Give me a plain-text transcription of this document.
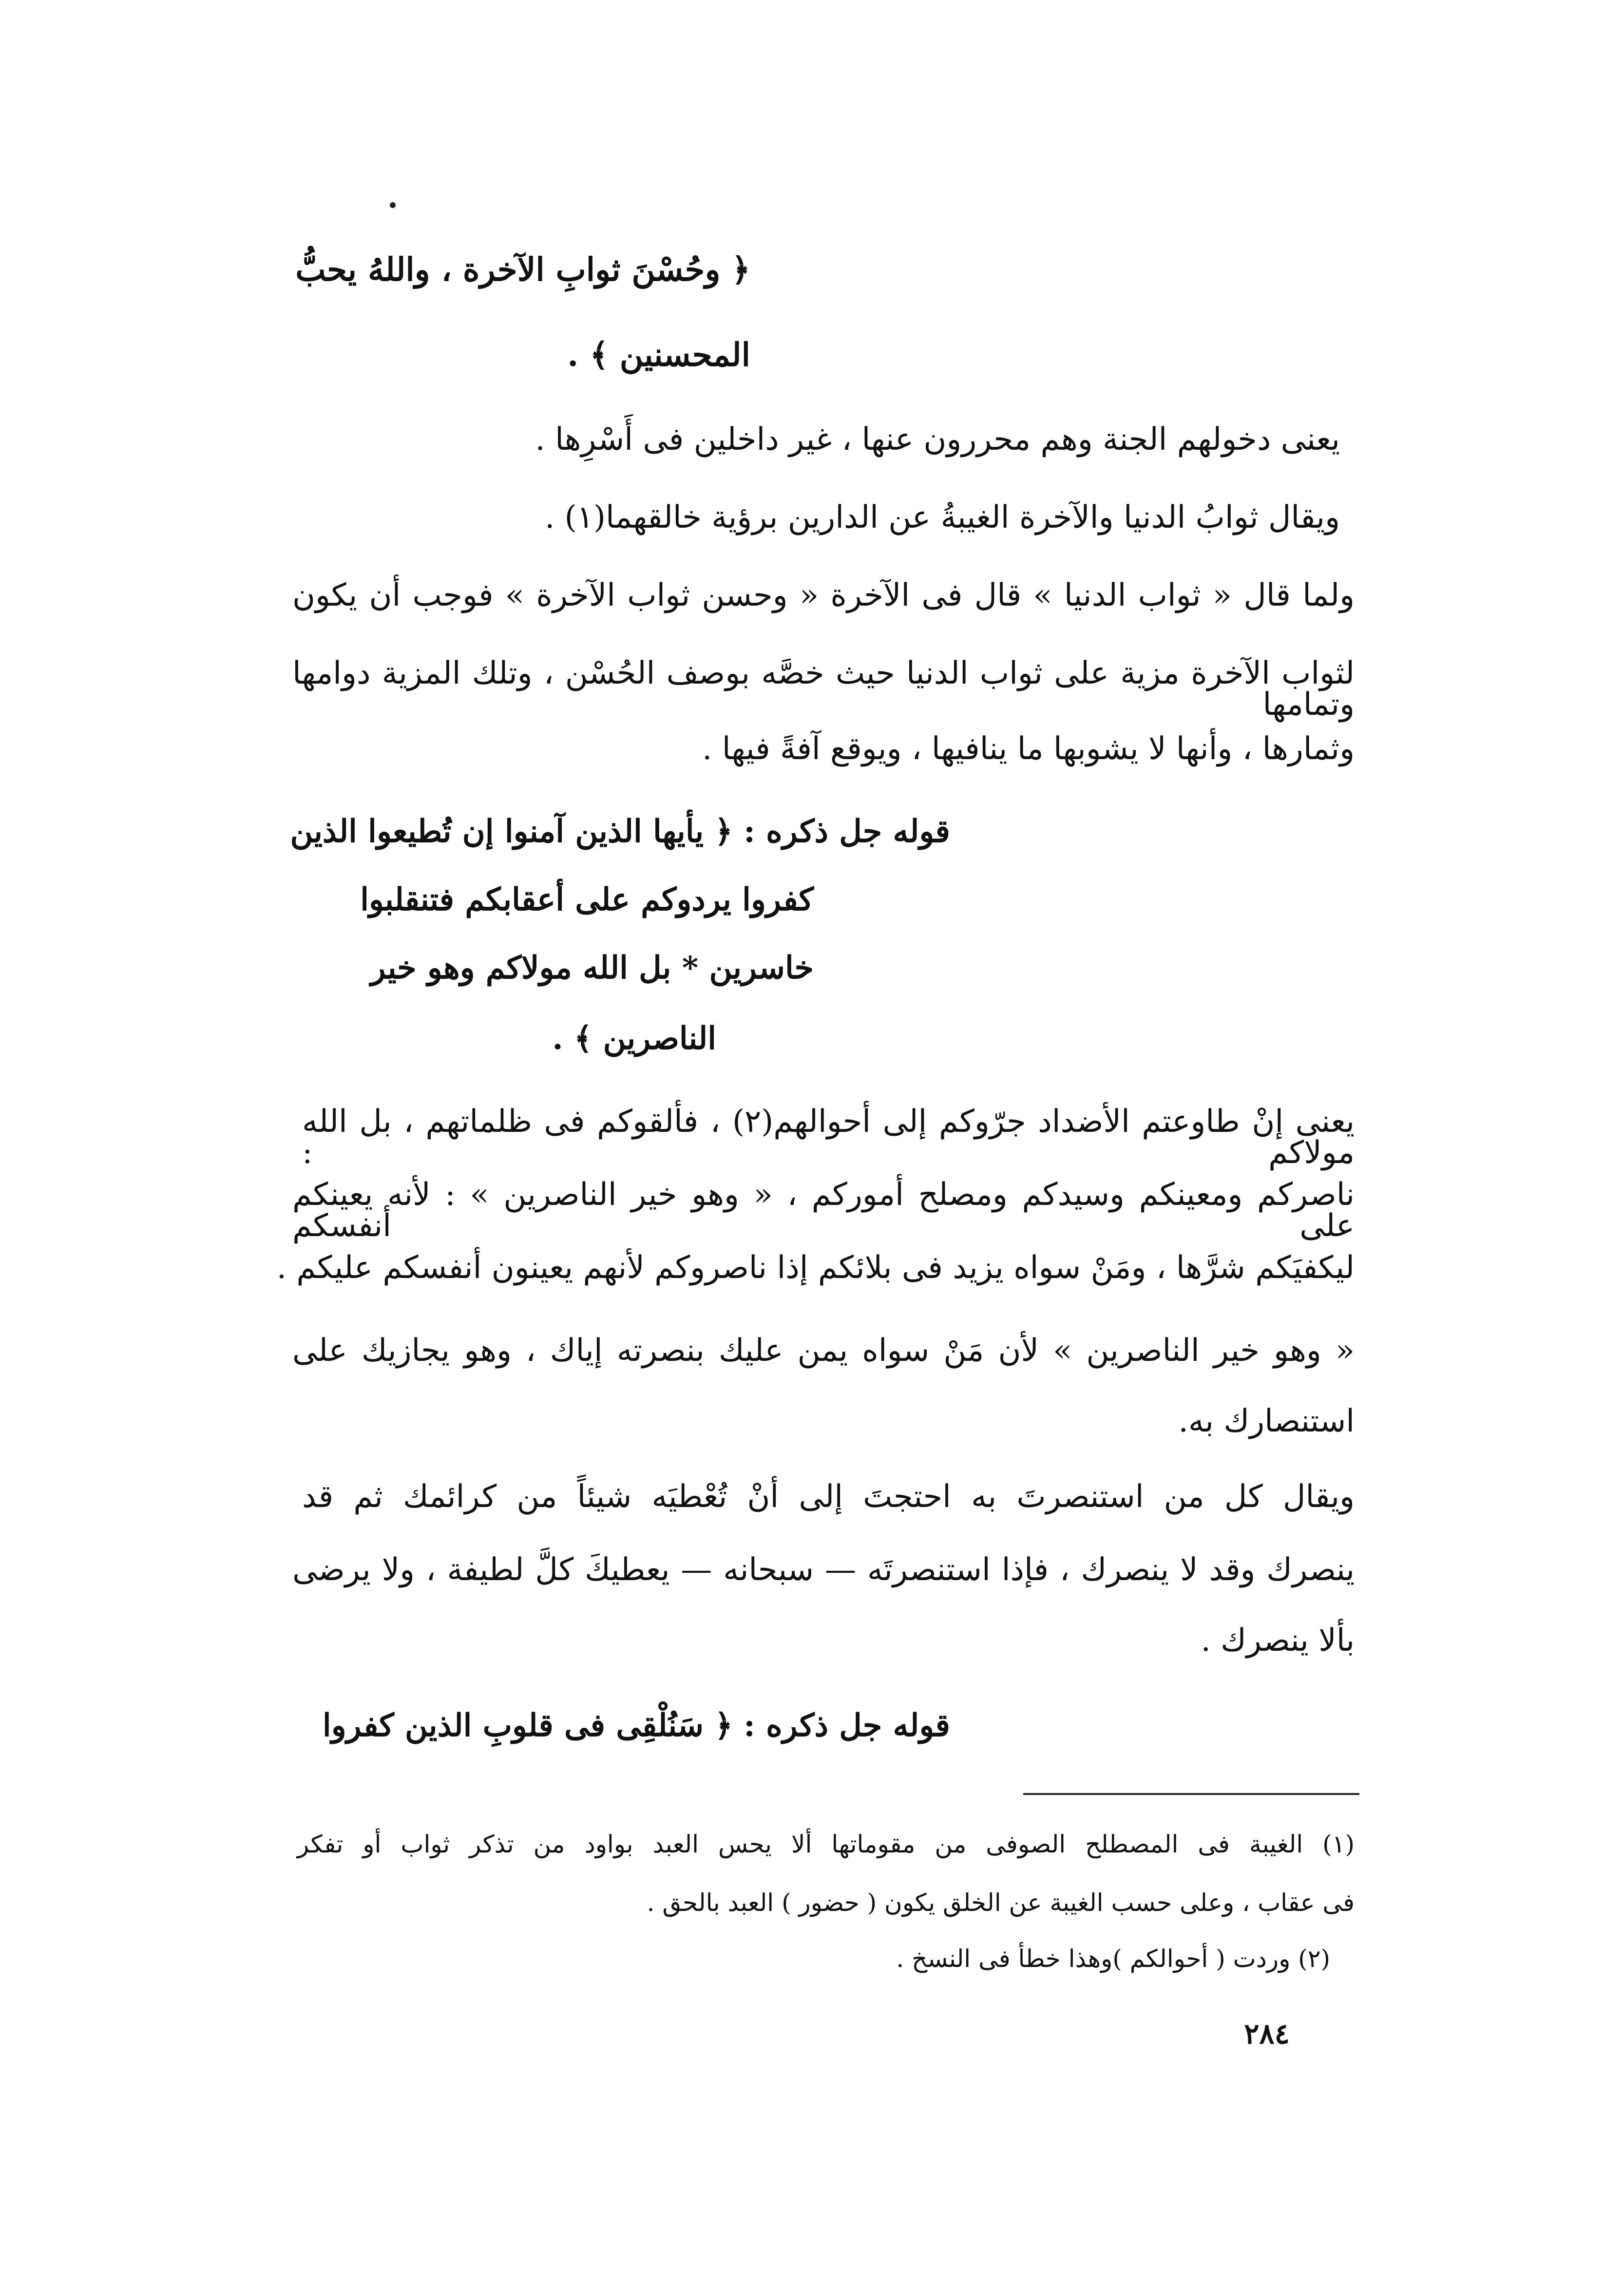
﴿ وحُسْنَ ثوابِ الآخرة ، واللهُ يحبُّ
المحسنين ﴾ .
يعنى دخولهم الجنة وهم محررون عنها ، غير داخلين فى أَسْرِها .
ويقال ثوابُ الدنيا والآخرة الغيبةُ عن الدارين برؤية خالقهما(١) .
ولما قال « ثواب الدنيا » قال فى الآخرة « وحسن ثواب الآخرة » فوجب أن يكون
لثواب الآخرة مزية على ثواب الدنيا حيث خصَّه بوصف الحُسْن ، وتلك المزية دوامها وتمامها
وثمارها ، وأنها لا يشوبها ما ينافيها ، ويوقع آفةً فيها .
قوله جل ذكره : ﴿ يأيها الذين آمنوا إن تُطيعوا الذين
كفروا يردوكم على أعقابكم فتنقلبوا
خاسرين * بل الله مولاكم وهو خير
الناصرين ﴾ .
يعنى إنْ طاوعتم الأضداد جرّوكم إلى أحوالهم(٢) ، فألقوكم فى ظلماتهم ، بل الله مولاكم :
ناصركم ومعينكم وسيدكم ومصلح أموركم ، « وهو خير الناصرين » : لأنه يعينكم على أنفسكم
ليكفيَكم شرَّها ، ومَنْ سواه يزيد فى بلائكم إذا ناصروكم لأنهم يعينون أنفسكم عليكم .
« وهو خير الناصرين » لأن مَنْ سواه يمن عليك بنصرته إياك ، وهو يجازيك على
استنصارك به.
ويقال كل من استنصرتَ به احتجتَ إلى أنْ تُعْطيَه شيئاً من كرائمك ثم قد
ينصرك وقد لا ينصرك ، فإذا استنصرتَه — سبحانه — يعطيكَ كلَّ لطيفة ، ولا يرضى
بألا ينصرك .
قوله جل ذكره : ﴿ سَنُلْقِى فى قلوبِ الذين كفروا
(١) الغيبة فى المصطلح الصوفى من مقوماتها ألا يحس العبد بواود من تذكر ثواب أو تفكر
فى عقاب ، وعلى حسب الغيبة عن الخلق يكون ( حضور ) العبد بالحق .
(٢) وردت ( أحوالكم )وهذا خطأ فى النسخ .
٢٨٤
